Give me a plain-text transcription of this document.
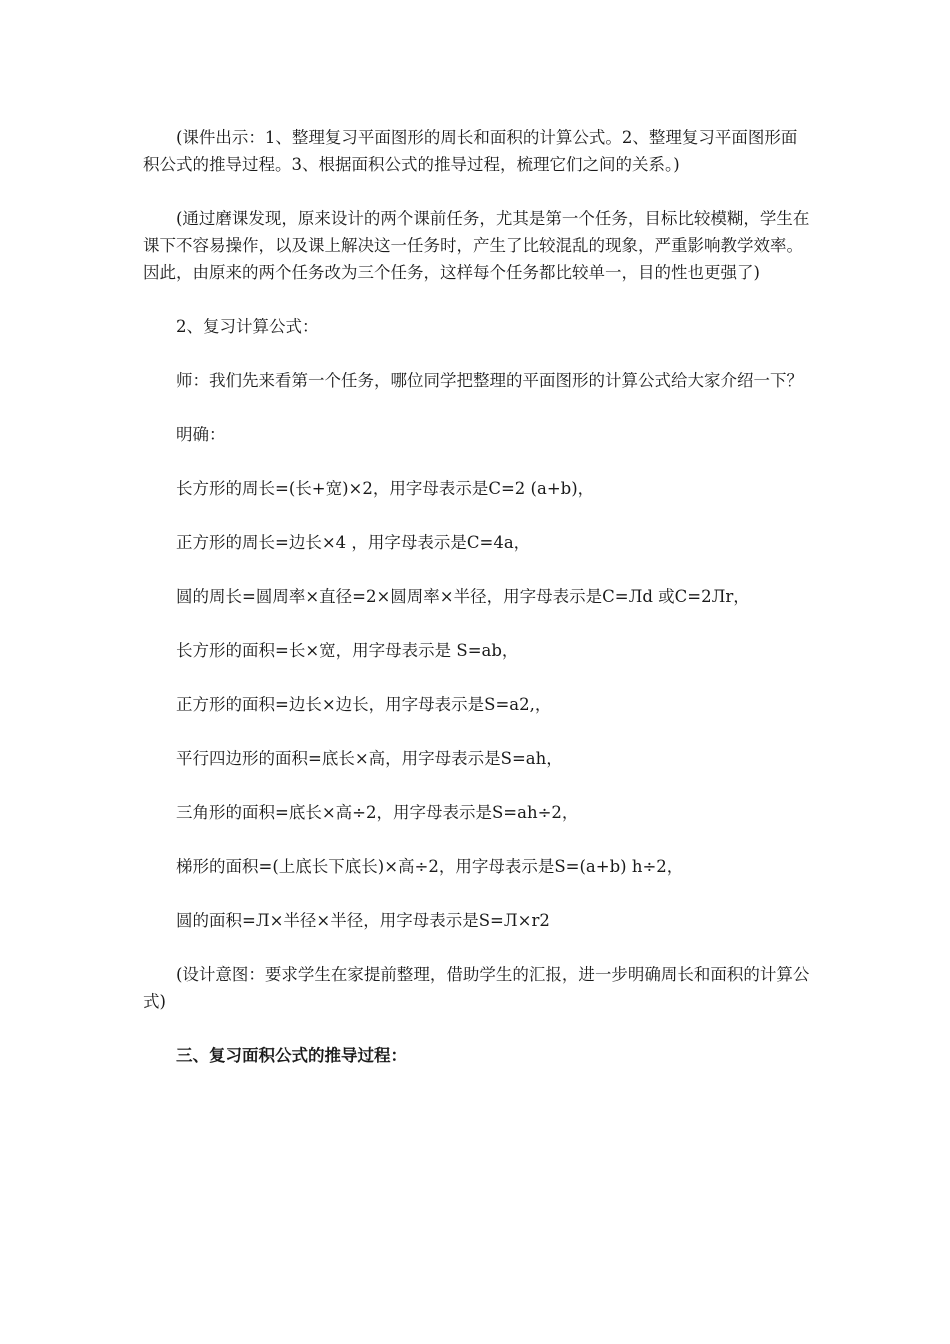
(课件出示：1、整理复习平面图形的周长和面积的计算公式。2、整理复习平面图形面积公式的推导过程。3、根据面积公式的推导过程，梳理它们之间的关系。)

(通过磨课发现，原来设计的两个课前任务，尤其是第一个任务，目标比较模糊，学生在课下不容易操作，以及课上解决这一任务时，产生了比较混乱的现象，严重影响教学效率。因此，由原来的两个任务改为三个任务，这样每个任务都比较单一，目的性也更强了)

2、复习计算公式：

师：我们先来看第一个任务，哪位同学把整理的平面图形的计算公式给大家介绍一下？

明确：

长方形的周长=(长+宽)×2，用字母表示是C=2 (a+b)，

正方形的周长=边长×4 ，用字母表示是C=4a，

圆的周长=圆周率×直径=2×圆周率×半径，用字母表示是C=Лd 或C=2Лr，

长方形的面积=长×宽，用字母表示是 S=ab，

正方形的面积=边长×边长，用字母表示是S=a2,，

平行四边形的面积=底长×高，用字母表示是S=ah，

三角形的面积=底长×高÷2，用字母表示是S=ah÷2，

梯形的面积=(上底长下底长)×高÷2，用字母表示是S=(a+b) h÷2，

圆的面积=Л×半径×半径，用字母表示是S=Л×r2

(设计意图：要求学生在家提前整理，借助学生的汇报，进一步明确周长和面积的计算公式)

三、复习面积公式的推导过程：
